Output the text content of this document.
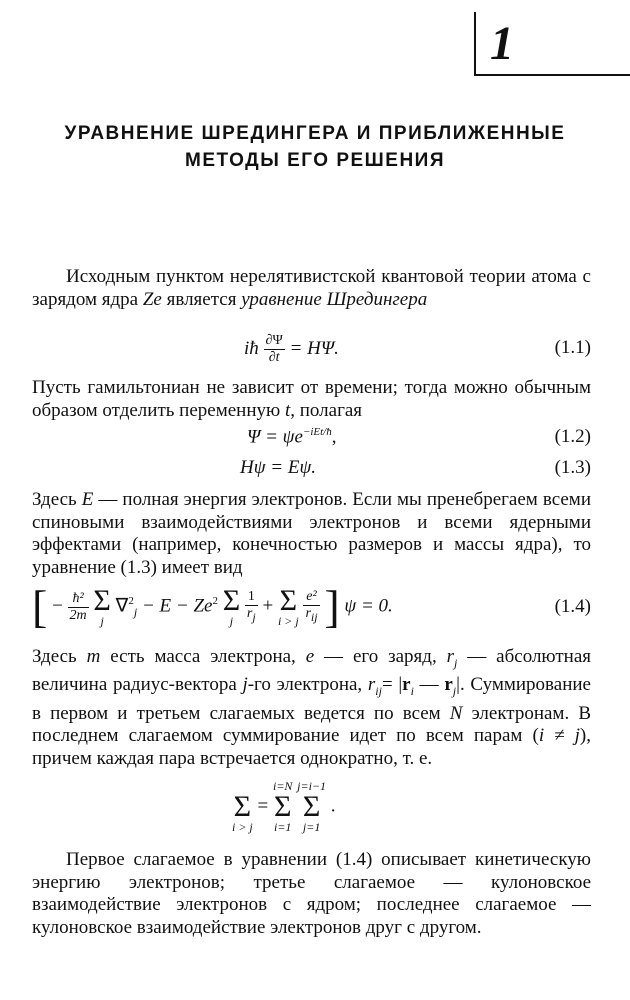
1
УРАВНЕНИЕ ШРЕДИНГЕРА И ПРИБЛИЖЕННЫЕ
МЕТОДЫ ЕГО РЕШЕНИЯ
Исходным пунктом нерелятивистской квантовой теории атома с зарядом ядра Ze является уравнение Шредингера
iħ $\frac{\partial\Psi}{\partial t} = H\Psi$.	(1.1)
Пусть гамильтониан не зависит от времени; тогда можно обычным образом отделить переменную t, полагая
$\Psi = \psi e^{-iEt/ħ}$,	(1.2)
Hψ = Eψ.	(1.3)
Здесь E — полная энергия электронов. Если мы пренебрегаем всеми спиновыми взаимодействиями электронов и всеми ядерными эффектами (например, конечностью размеров и массы ядра), то уравнение (1.3) имеет вид
[ − $\frac{\text{ħ²}}{2m}$
Σ
j
$\nabla^2_j - E - Ze^2$ Σ
j
$\frac{1}{r_j} + \Sigma$
i > j
$\frac{\text{e²}}{r_{ij}}$ ] ψ = 0.	(1.4)
Здесь m есть масса электрона, e — его заряд, $r_j$ — абсолютная величина радиус-вектора j-го электрона, $r_{ij}= |r_i$ — $r_j|$. Суммирование в первом и третьем слагаемых ведется по всем N электронам. В последнем слагаемом суммирование идет по всем парам (i ≠ j), причем каждая пара встречается однократно, т. е.

Σ
i > j
=
i=N
Σ
i=1

j=i−1
Σ
j=1
.
Первое слагаемое в уравнении (1.4) описывает кинетическую энергию электронов; третье слагаемое — кулоновское взаимодействие электронов с ядром; последнее слагаемое — кулоновское взаимодействие электронов друг с другом.
